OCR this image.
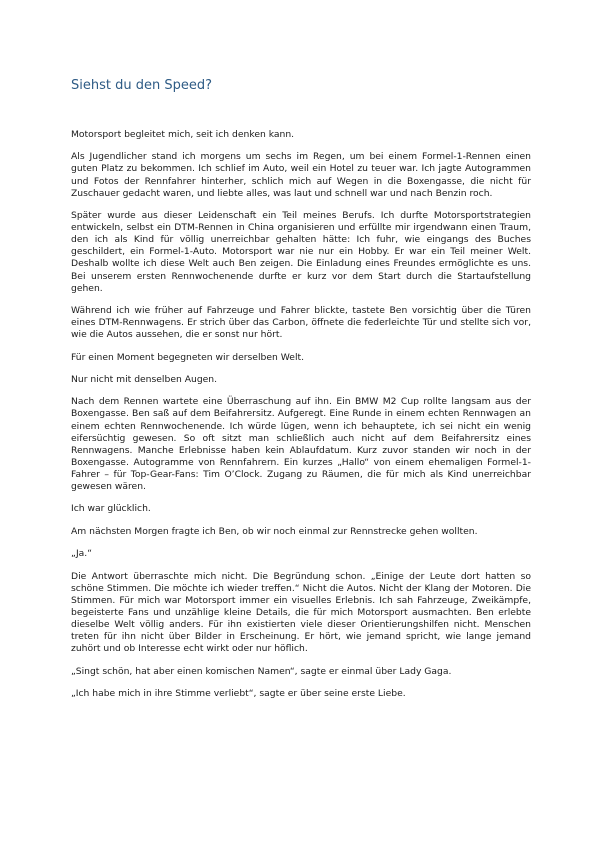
Siehst du den Speed?

Motorsport begleitet mich, seit ich denken kann.

Als Jugendlicher stand ich morgens um sechs im Regen, um bei einem Formel-1-Rennen einen guten Platz zu bekommen. Ich schlief im Auto, weil ein Hotel zu teuer war. Ich jagte Autogrammen und Fotos der Rennfahrer hinterher, schlich mich auf Wegen in die Boxengasse, die nicht für Zuschauer gedacht waren, und liebte alles, was laut und schnell war und nach Benzin roch.

Später wurde aus dieser Leidenschaft ein Teil meines Berufs. Ich durfte Motorsportstrategien entwickeln, selbst ein DTM-Rennen in China organisieren und erfüllte mir irgendwann einen Traum, den ich als Kind für völlig unerreichbar gehalten hätte: Ich fuhr, wie eingangs des Buches geschildert, ein Formel-1-Auto. Motorsport war nie nur ein Hobby. Er war ein Teil meiner Welt. Deshalb wollte ich diese Welt auch Ben zeigen. Die Einladung eines Freundes ermöglichte es uns. Bei unserem ersten Rennwochenende durfte er kurz vor dem Start durch die Startaufstellung gehen.

Während ich wie früher auf Fahrzeuge und Fahrer blickte, tastete Ben vorsichtig über die Türen eines DTM-Rennwagens. Er strich über das Carbon, öffnete die federleichte Tür und stellte sich vor, wie die Autos aussehen, die er sonst nur hört.

Für einen Moment begegneten wir derselben Welt.

Nur nicht mit denselben Augen.

Nach dem Rennen wartete eine Überraschung auf ihn. Ein BMW M2 Cup rollte langsam aus der Boxengasse. Ben saß auf dem Beifahrersitz. Aufgeregt. Eine Runde in einem echten Rennwagen an einem echten Rennwochenende. Ich würde lügen, wenn ich behauptete, ich sei nicht ein wenig eifersüchtig gewesen. So oft sitzt man schließlich auch nicht auf dem Beifahrersitz eines Rennwagens. Manche Erlebnisse haben kein Ablaufdatum. Kurz zuvor standen wir noch in der Boxengasse. Autogramme von Rennfahrern. Ein kurzes „Hallo“ von einem ehemaligen Formel-1-Fahrer – für Top-Gear-Fans: Tim O’Clock. Zugang zu Räumen, die für mich als Kind unerreichbar gewesen wären.

Ich war glücklich.

Am nächsten Morgen fragte ich Ben, ob wir noch einmal zur Rennstrecke gehen wollten.

„Ja.“

Die Antwort überraschte mich nicht. Die Begründung schon. „Einige der Leute dort hatten so schöne Stimmen. Die möchte ich wieder treffen.“ Nicht die Autos. Nicht der Klang der Motoren. Die Stimmen. Für mich war Motorsport immer ein visuelles Erlebnis. Ich sah Fahrzeuge, Zweikämpfe, begeisterte Fans und unzählige kleine Details, die für mich Motorsport ausmachten. Ben erlebte dieselbe Welt völlig anders. Für ihn existierten viele dieser Orientierungshilfen nicht. Menschen treten für ihn nicht über Bilder in Erscheinung. Er hört, wie jemand spricht, wie lange jemand zuhört und ob Interesse echt wirkt oder nur höflich.

„Singt schön, hat aber einen komischen Namen“, sagte er einmal über Lady Gaga.

„Ich habe mich in ihre Stimme verliebt“, sagte er über seine erste Liebe.
